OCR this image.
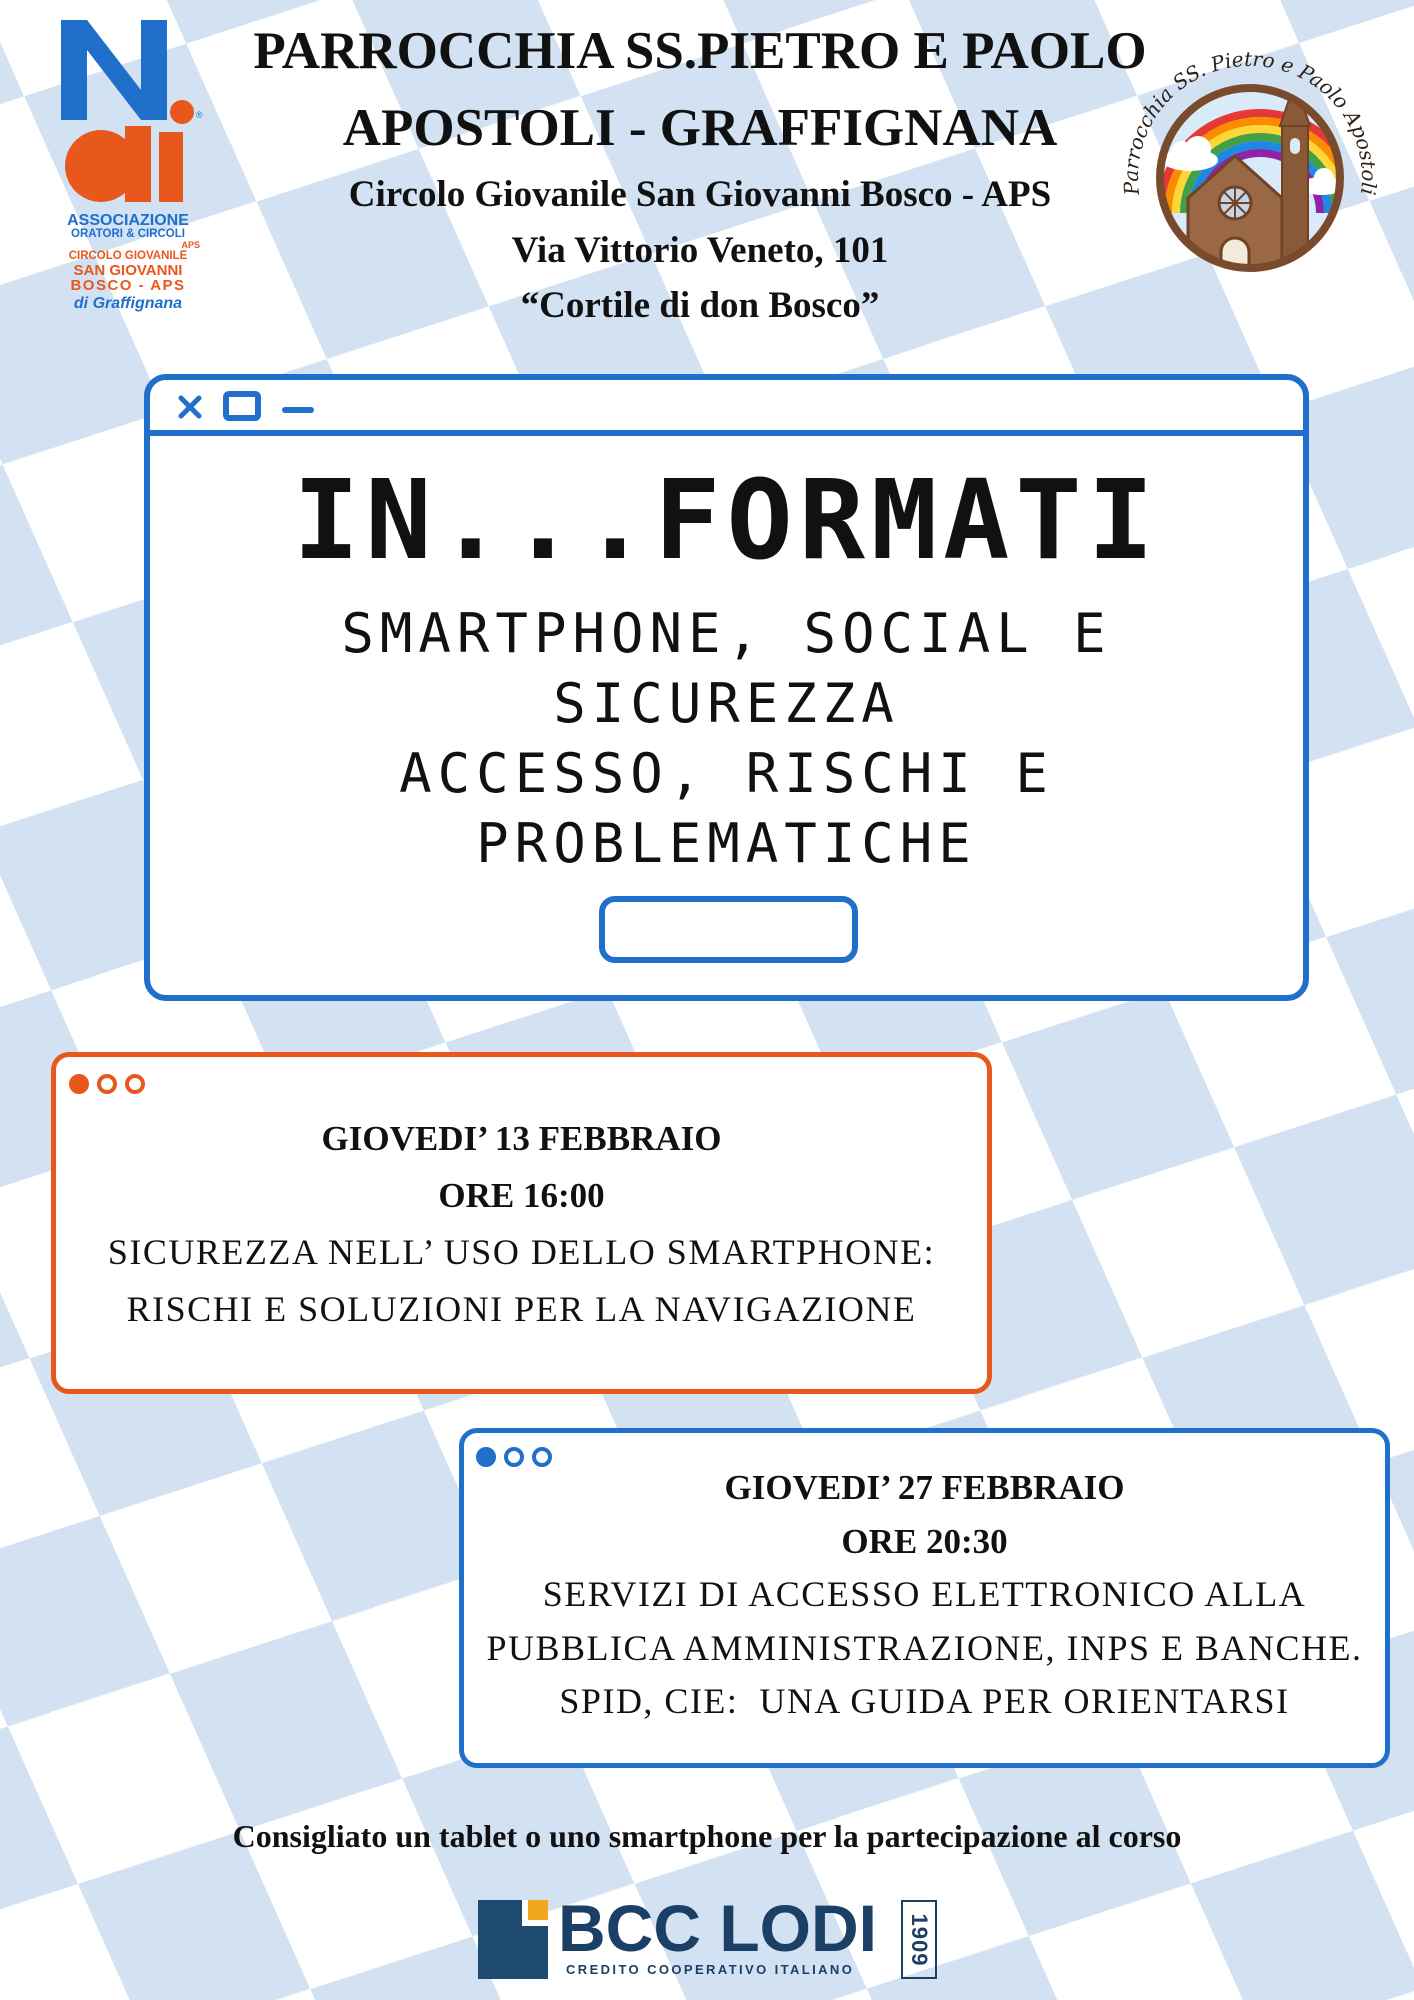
®
ASSOCIAZIONE
ORATORI & CIRCOLI
APS
CIRCOLO GIOVANILE
SAN GIOVANNI
BOSCO - APS
di Graffignana
PARROCCHIA SS.PIETRO E PAOLO
APOSTOLI - GRAFFIGNANA
Circolo Giovanile San Giovanni Bosco - APS
Via Vittorio Veneto, 101
“Cortile di don Bosco”
Parrocchia SS. Pietro e Paolo Apostoli
IN...FORMATI
SMARTPHONE, SOCIAL E
SICUREZZA
ACCESSO, RISCHI E
PROBLEMATICHE
GIOVEDI’ 13 FEBBRAIO
ORE 16:00
SICUREZZA NELL’ USO DELLO SMARTPHONE:
RISCHI E SOLUZIONI PER LA NAVIGAZIONE
GIOVEDI’ 27 FEBBRAIO
ORE 20:30
SERVIZI DI ACCESSO ELETTRONICO ALLA
PUBBLICA AMMINISTRAZIONE, INPS E BANCHE.
SPID, CIE:  UNA GUIDA PER ORIENTARSI
Consigliato un tablet o uno smartphone per la partecipazione al corso
BCC LODI
CREDITO COOPERATIVO ITALIANO
1909
